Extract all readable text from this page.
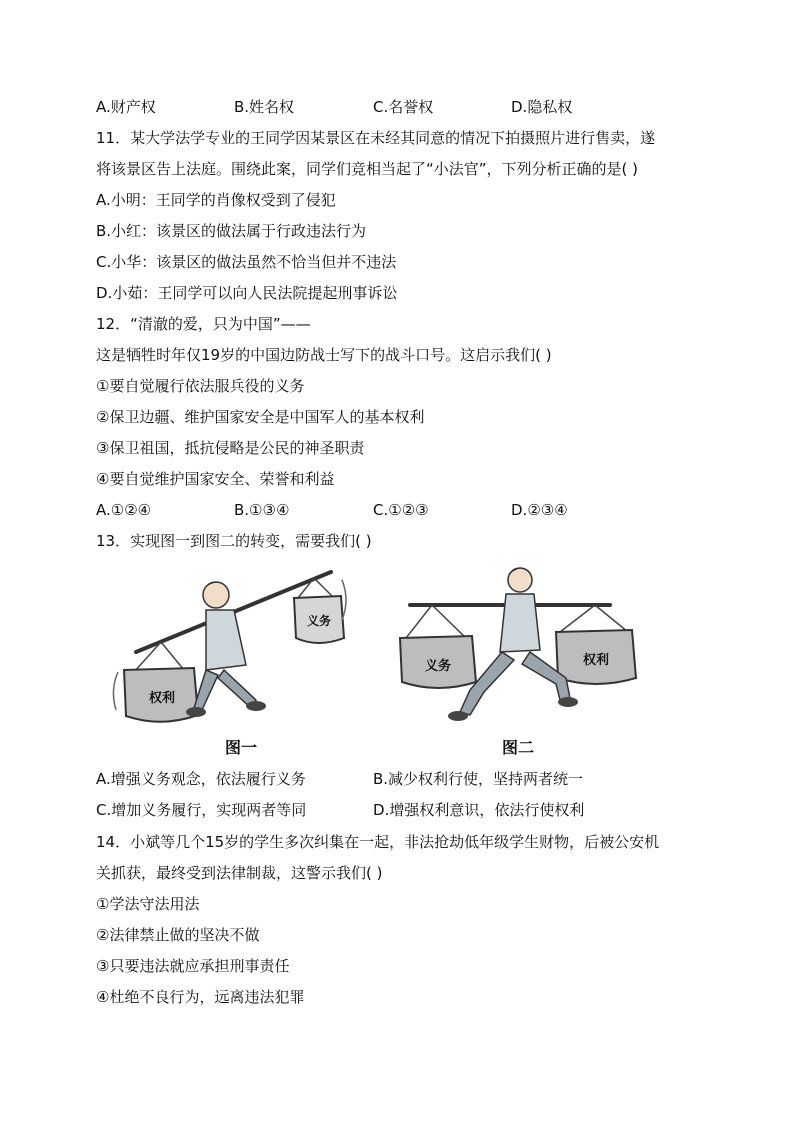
A.财产权	B.姓名权	C.名誉权	D.隐私权
11．某大学法学专业的王同学因某景区在未经其同意的情况下拍摄照片进行售卖，遂
将该景区告上法庭。围绕此案，同学们竞相当起了“小法官”，下列分析正确的是( )
A.小明：王同学的肖像权受到了侵犯
B.小红：该景区的做法属于行政违法行为
C.小华：该景区的做法虽然不恰当但并不违法
D.小茹：王同学可以向人民法院提起刑事诉讼
12．“清澈的爱，只为中国”——
这是牺牲时年仅19岁的中国边防战士写下的战斗口号。这启示我们( )
①要自觉履行依法服兵役的义务
②保卫边疆、维护国家安全是中国军人的基本权利
③保卫祖国，抵抗侵略是公民的神圣职责
④要自觉维护国家安全、荣誉和利益
A.①②④	B.①③④	C.①②③	D.②③④
13．实现图一到图二的转变，需要我们( )
权利
义务
图一
义务	权利
图二
A.增强义务观念，依法履行义务	B.减少权利行使，坚持两者统一
C.增加义务履行，实现两者等同	D.增强权利意识，依法行使权利
14．小斌等几个15岁的学生多次纠集在一起，非法抢劫低年级学生财物，后被公安机
关抓获，最终受到法律制裁，这警示我们( )
①学法守法用法
②法律禁止做的坚决不做
③只要违法就应承担刑事责任
④杜绝不良行为，远离违法犯罪
